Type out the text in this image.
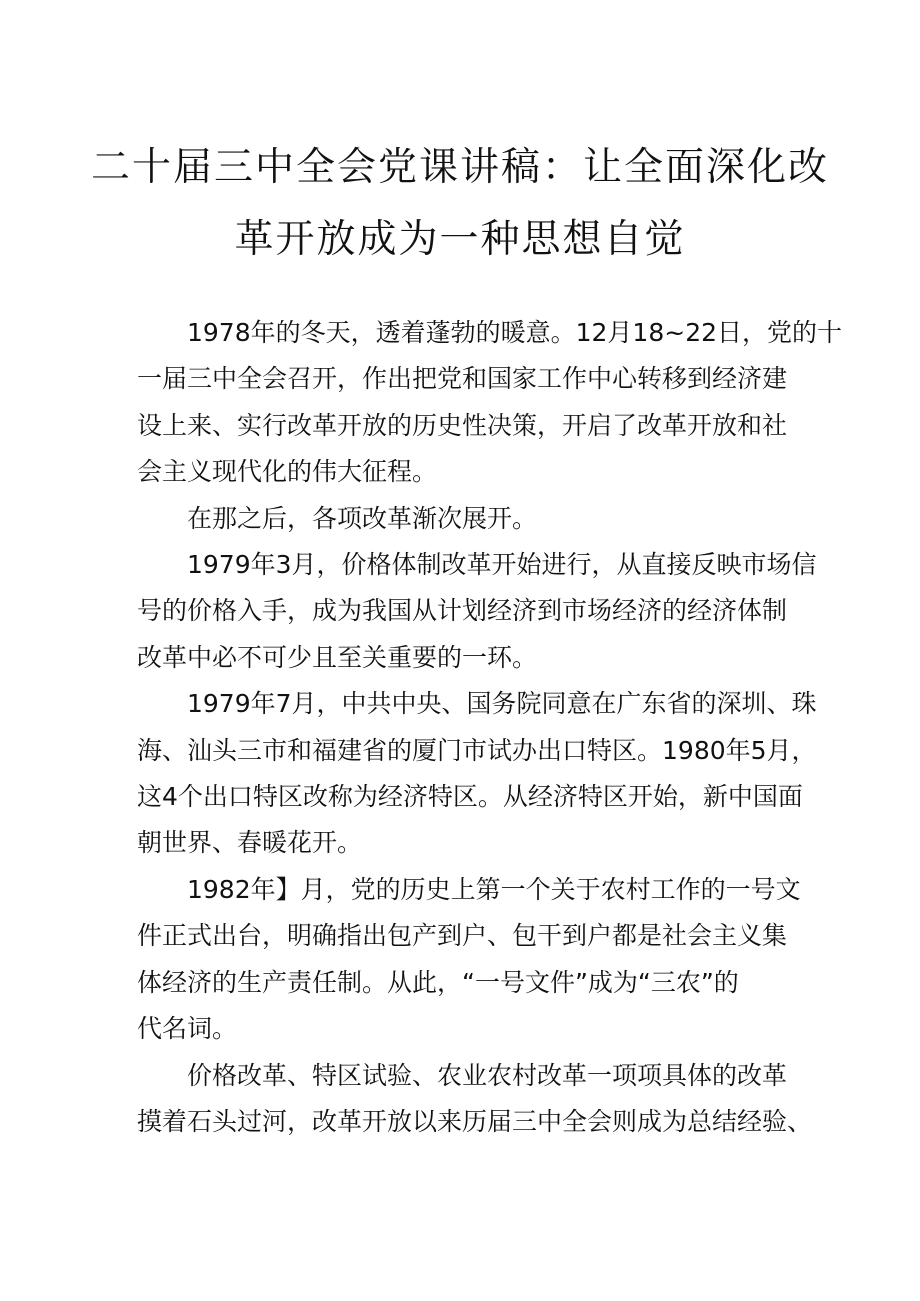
二十届三中全会党课讲稿：让全面深化改
革开放成为一种思想自觉

1978年的冬天，透着蓬勃的暖意。12月18~22日，党的十
一届三中全会召开，作出把党和国家工作中心转移到经济建
设上来、实行改革开放的历史性决策，开启了改革开放和社
会主义现代化的伟大征程。

在那之后，各项改革渐次展开。

1979年3月，价格体制改革开始进行，从直接反映市场信
号的价格入手，成为我国从计划经济到市场经济的经济体制
改革中必不可少且至关重要的一环。

1979年7月，中共中央、国务院同意在广东省的深圳、珠
海、汕头三市和福建省的厦门市试办出口特区。1980年5月，
这4个出口特区改称为经济特区。从经济特区开始，新中国面
朝世界、春暖花开。

1982年】月，党的历史上第一个关于农村工作的一号文
件正式出台，明确指出包产到户、包干到户都是社会主义集
体经济的生产责任制。从此，“一号文件”成为“三农”的
代名词。

价格改革、特区试验、农业农村改革一项项具体的改革
摸着石头过河，改革开放以来历届三中全会则成为总结经验、
